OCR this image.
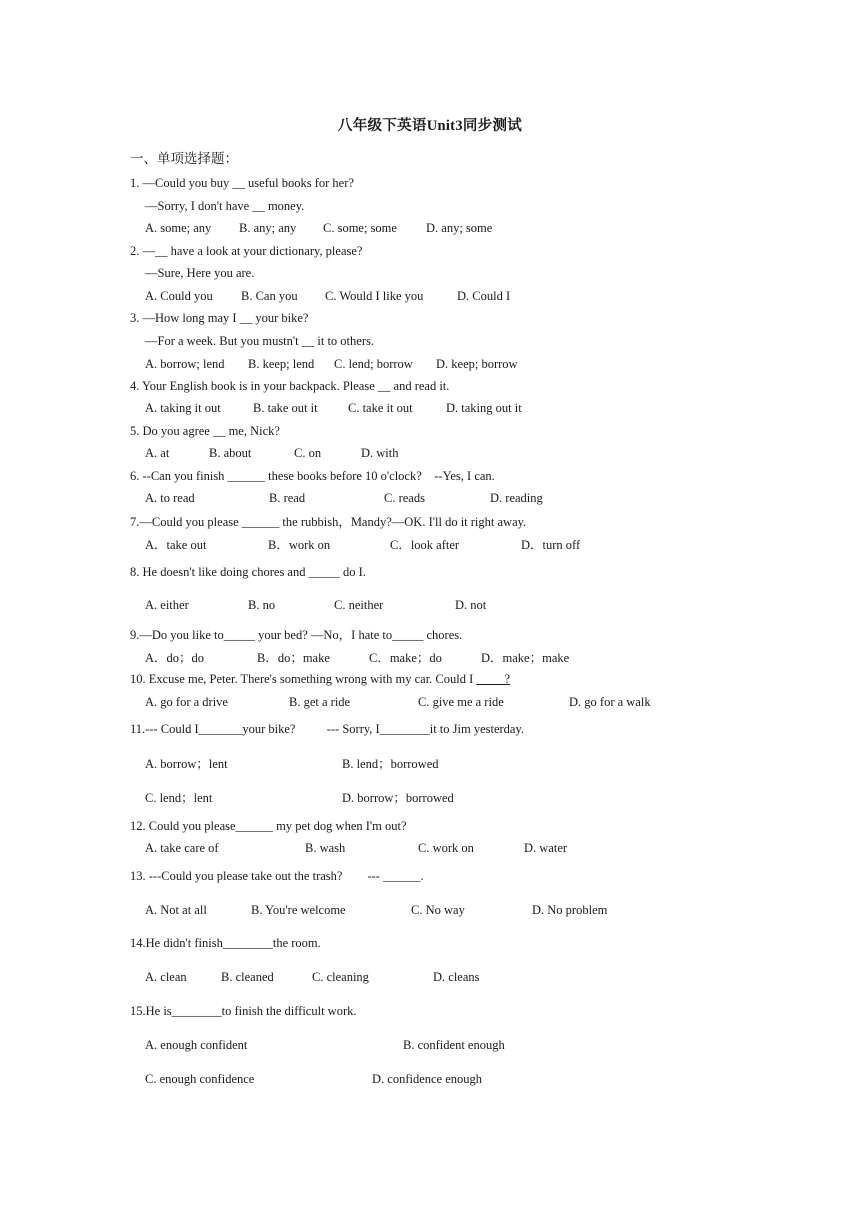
八年级下英语Unit3同步测试
一、单项选择题：
1. —Could you buy __ useful books for her?
—Sorry, I don't have __ money.
A. some; any B. any; any C. some; some D. any; some
2. —__ have a look at your dictionary, please?
—Sure, Here you are.
A. Could you B. Can you C. Would I like you	D. Could I
3. —How long may I __ your bike?
—For a week. But you mustn't __ it to others.
A. borrow; lend B. keep; lend C. lend; borrow D. keep; borrow
4. Your English book is in your backpack. Please __ and read it.
A. taking it out	B. take out it C. take it out	D. taking out it
5. Do you agree __ me, Nick?
A. at	B. about	C. on	D. with
6. --Can you finish ______ these books before 10 o'clock?    --Yes, I can.
A. to read	B. read	C. reads	D. reading
7.—Could you please ______ the rubbish，Mandy?—OK. I'll do it right away.
A．take out	B．work on	C．look after	D．turn off
8. He doesn't like doing chores and _____ do I.
A. either	B. no	C. neither	D. not
9.—Do you like to_____ your bed? —No，I hate to_____ chores.
A．do；do	B．do；make	C．make；do	D．make；make
10. Excuse me, Peter. There's something wrong with my car. Could I          ?
A. go for a drive	B. get a ride	C. give me a ride	D. go for a walk
11.--- Could I_______your bike?          --- Sorry, I________it to Jim yesterday.
A. borrow；lent	B. lend；borrowed
C. lend；lent	D. borrow；borrowed
12. Could you please______ my pet dog when I'm out?
A. take care of	B. wash	C. work on	D. water
13. ---Could you please take out the trash?        --- ______.
A. Not at all	B. You're welcome	C. No way	D. No problem
14.He didn't finish________the room.
A. clean	B. cleaned	C. cleaning	D. cleans
15.He is________to finish the difficult work.
A. enough confident	B. confident enough
C. enough confidence	D. confidence enough
